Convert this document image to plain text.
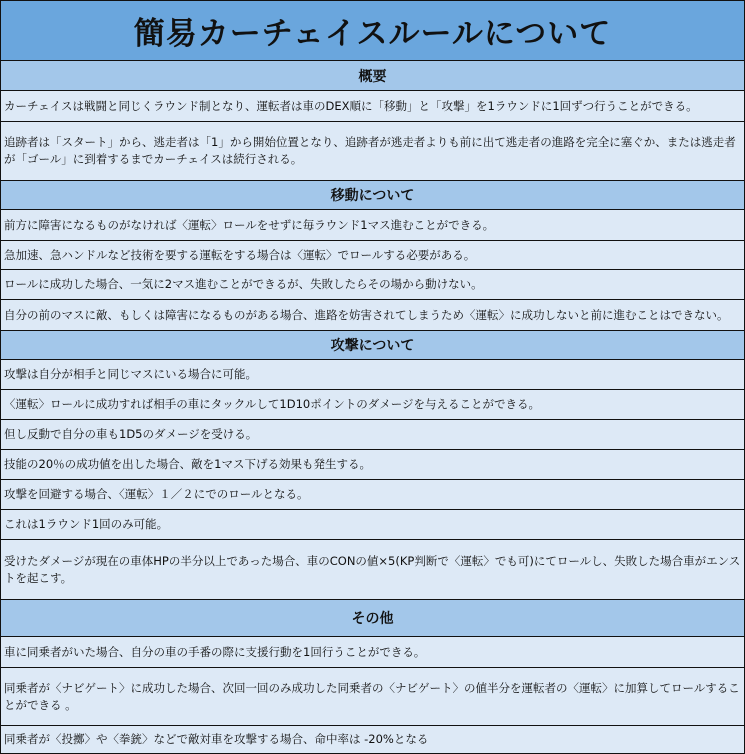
簡易カーチェイスルールについて
概要
カーチェイスは戦闘と同じくラウンド制となり、運転者は車のDEX順に「移動」と「攻撃」を1ラウンドに1回ずつ行うことができる。
追跡者は「スタート」から、逃走者は「1」から開始位置となり、追跡者が逃走者よりも前に出て逃走者の進路を完全に塞ぐか、または逃走者が「ゴール」に到着するまでカーチェイスは続行される。
移動について
前方に障害になるものがなければ〈運転〉ロールをせずに毎ラウンド1マス進むことができる。
急加速、急ハンドルなど技術を要する運転をする場合は〈運転〉でロールする必要がある。
ロールに成功した場合、一気に2マス進むことができるが、失敗したらその場から動けない。
自分の前のマスに敵、もしくは障害になるものがある場合、進路を妨害されてしまうため〈運転〉に成功しないと前に進むことはできない。
攻撃について
攻撃は自分が相手と同じマスにいる場合に可能。
〈運転〉ロールに成功すれば相手の車にタックルして1D10ポイントのダメージを与えることができる。
但し反動で自分の車も1D5のダメージを受ける。
技能の20％の成功値を出した場合、敵を1マス下げる効果も発生する。
攻撃を回避する場合、〈運転〉１／２にでのロールとなる。
これは1ラウンド1回のみ可能。
受けたダメージが現在の車体HPの半分以上であった場合、車のCONの値×5(KP判断で〈運転〉でも可)にてロールし、失敗した場合車がエンストを起こす。
その他
車に同乗者がいた場合、自分の車の手番の際に支援行動を1回行うことができる。
同乗者が〈ナビゲート〉に成功した場合、次回一回のみ成功した同乗者の〈ナビゲート〉の値半分を運転者の〈運転〉に加算してロールすることができる 。
同乗者が〈投擲〉や〈拳銃〉などで敵対車を攻撃する場合、命中率は -20%となる
